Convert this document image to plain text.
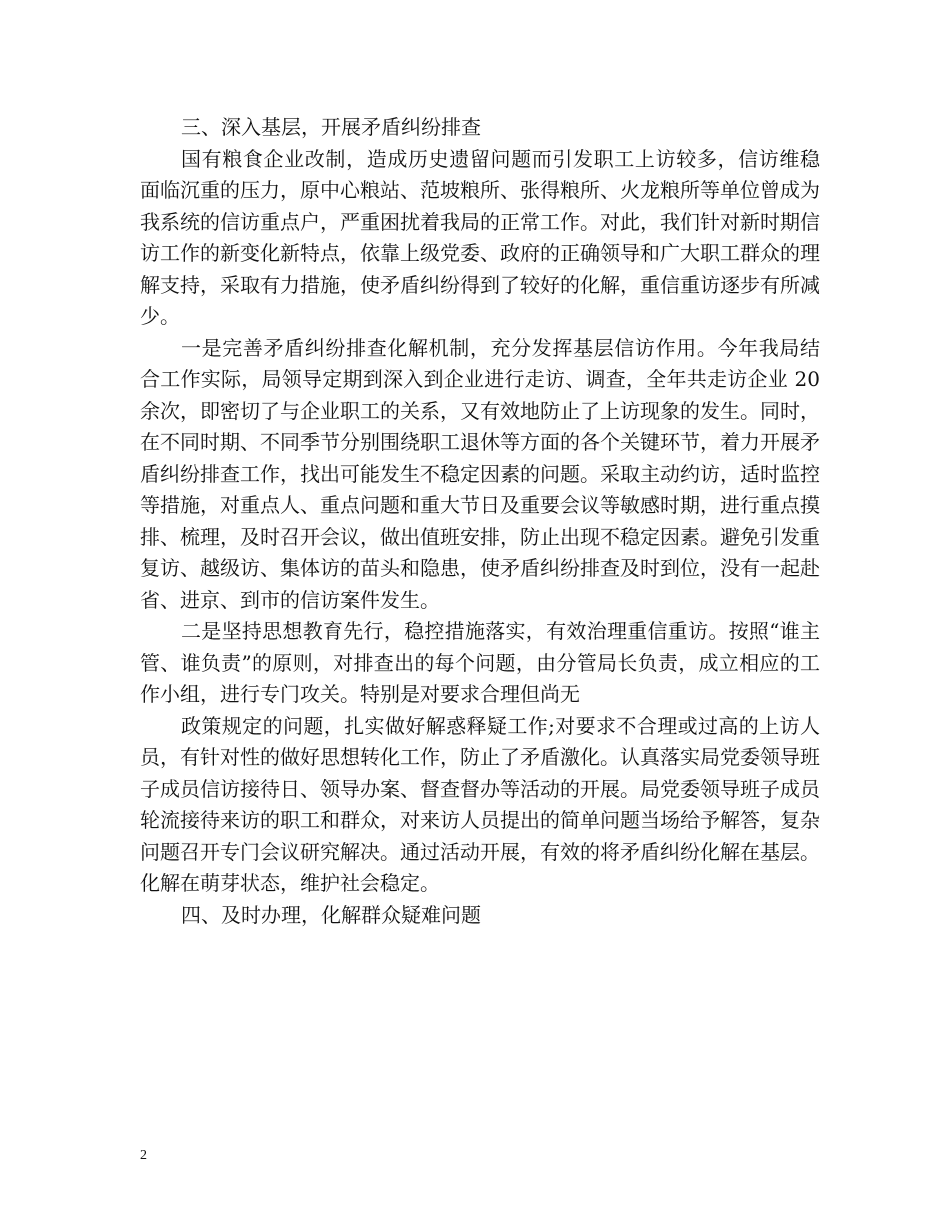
三、深入基层，开展矛盾纠纷排查

国有粮食企业改制，造成历史遗留问题而引发职工上访较多，信访维稳面临沉重的压力，原中心粮站、范坡粮所、张得粮所、火龙粮所等单位曾成为我系统的信访重点户，严重困扰着我局的正常工作。对此，我们针对新时期信访工作的新变化新特点，依靠上级党委、政府的正确领导和广大职工群众的理解支持，采取有力措施，使矛盾纠纷得到了较好的化解，重信重访逐步有所减少。

一是完善矛盾纠纷排查化解机制，充分发挥基层信访作用。今年我局结合工作实际，局领导定期到深入到企业进行走访、调查，全年共走访企业 20 余次，即密切了与企业职工的关系，又有效地防止了上访现象的发生。同时，在不同时期、不同季节分别围绕职工退休等方面的各个关键环节，着力开展矛盾纠纷排查工作，找出可能发生不稳定因素的问题。采取主动约访，适时监控等措施，对重点人、重点问题和重大节日及重要会议等敏感时期，进行重点摸排、梳理，及时召开会议，做出值班安排，防止出现不稳定因素。避免引发重复访、越级访、集体访的苗头和隐患，使矛盾纠纷排查及时到位，没有一起赴省、进京、到市的信访案件发生。

二是坚持思想教育先行，稳控措施落实，有效治理重信重访。按照“谁主管、谁负责”的原则，对排查出的每个问题，由分管局长负责，成立相应的工作小组，进行专门攻关。特别是对要求合理但尚无

政策规定的问题，扎实做好解惑释疑工作;对要求不合理或过高的上访人员，有针对性的做好思想转化工作，防止了矛盾激化。认真落实局党委领导班子成员信访接待日、领导办案、督查督办等活动的开展。局党委领导班子成员轮流接待来访的职工和群众，对来访人员提出的简单问题当场给予解答，复杂问题召开专门会议研究解决。通过活动开展，有效的将矛盾纠纷化解在基层。化解在萌芽状态，维护社会稳定。

四、及时办理，化解群众疑难问题

2
